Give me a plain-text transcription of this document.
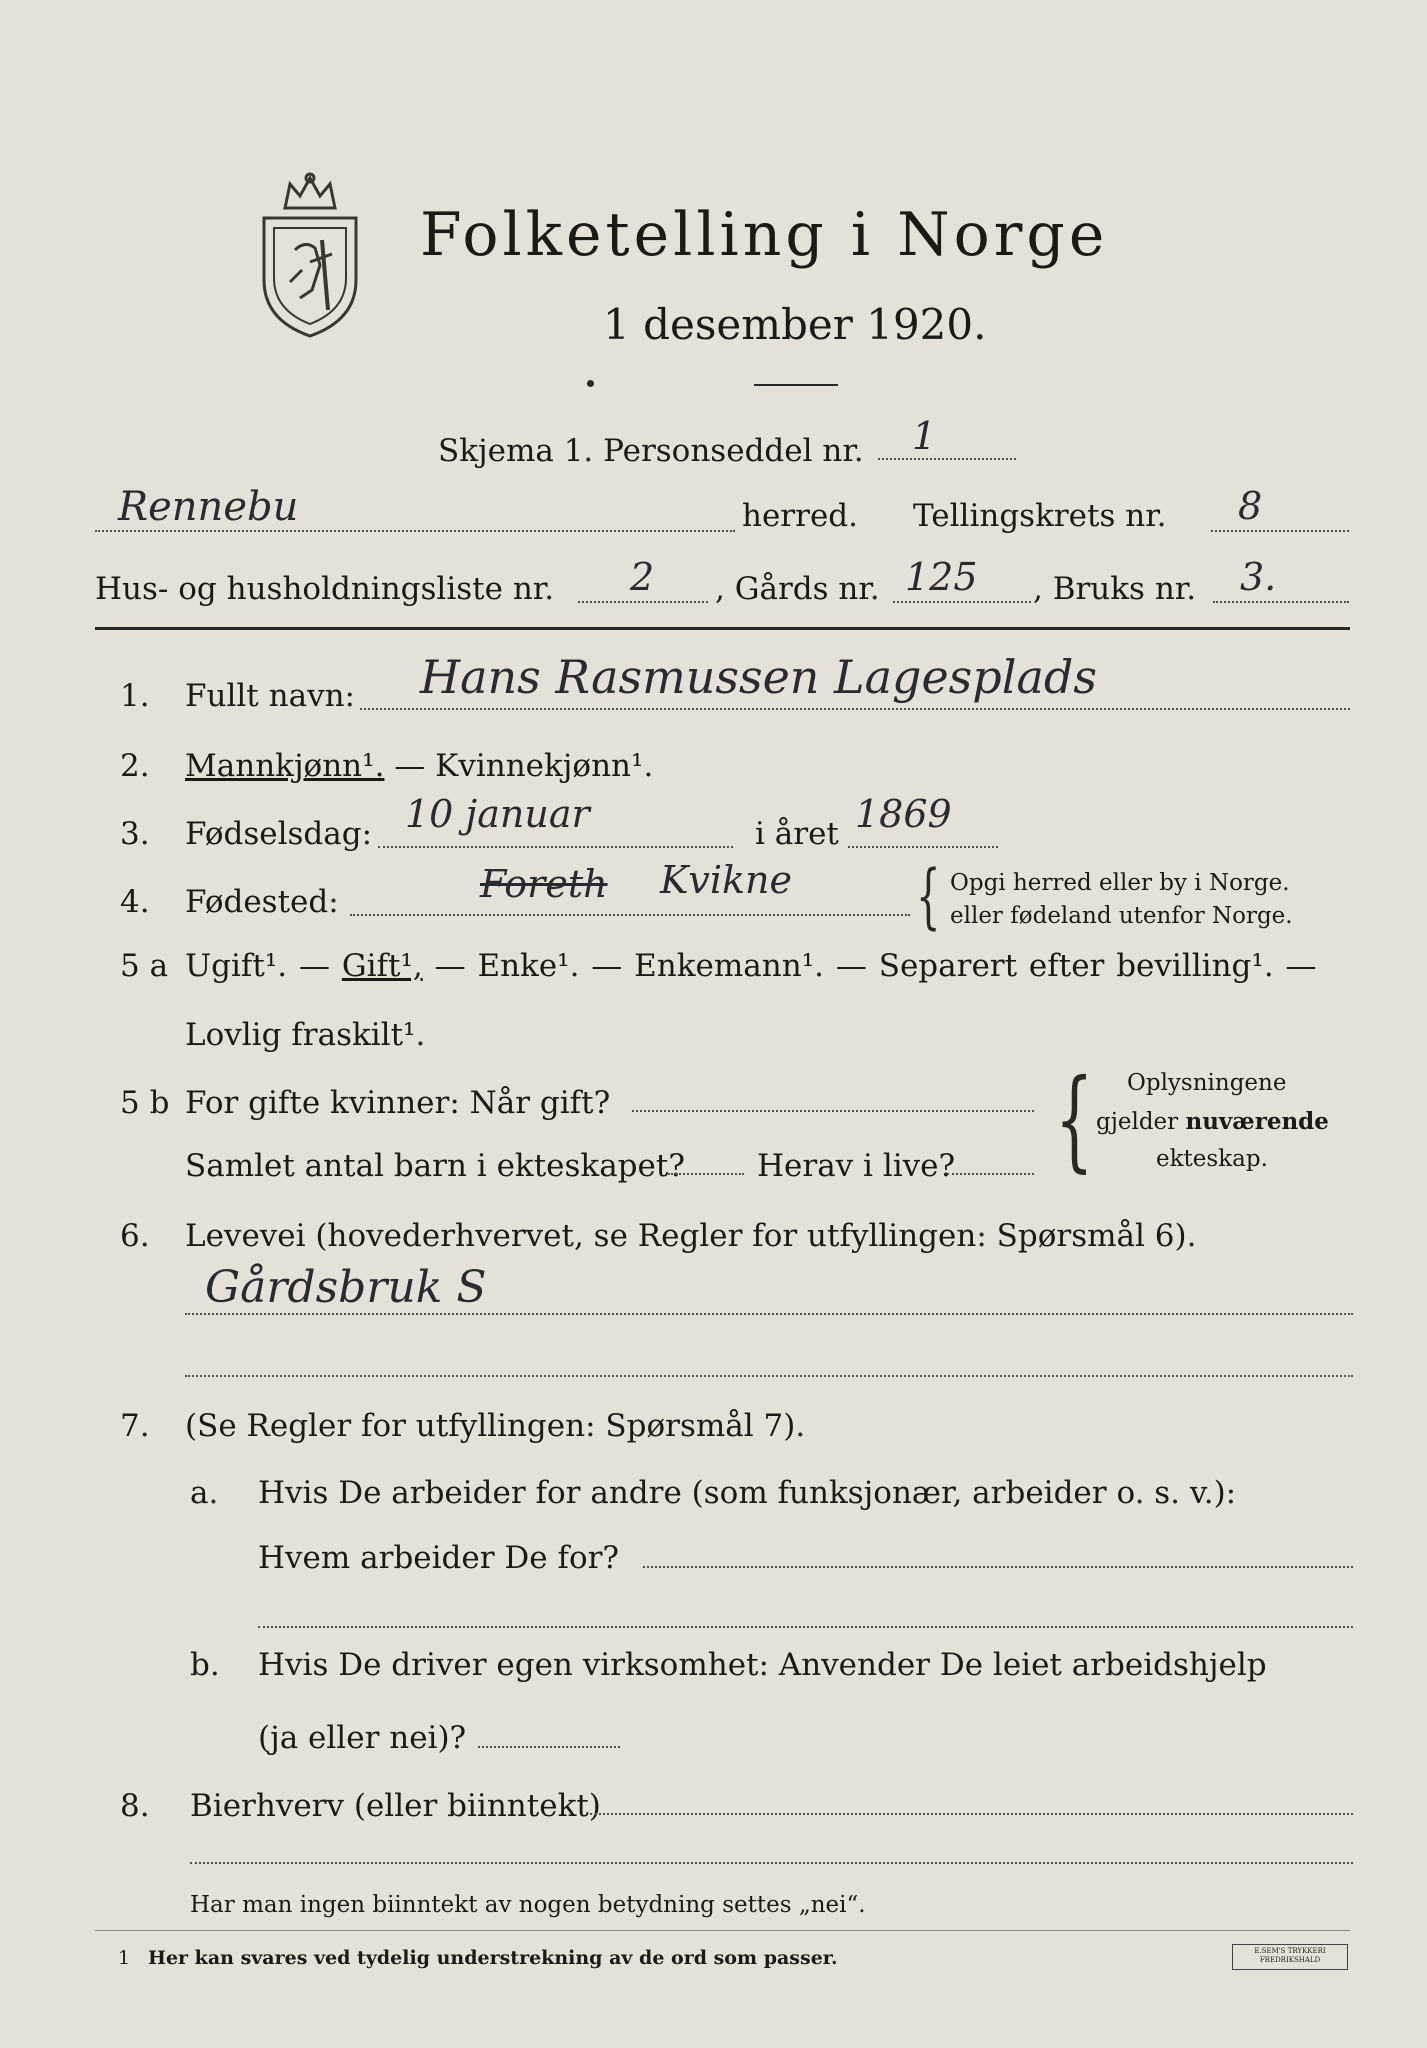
Folketelling i Norge
1 desember 1920.
Skjema 1. Personseddel nr. 1
Rennebu	herred. Tellingskrets nr. 8
Hus- og husholdningsliste nr. 2 , Gårds nr. 125 , Bruks nr. 3.
1. Fullt navn: Hans Rasmussen Lagesplads
2. Mannkjønn¹. — Kvinnekjønn¹.
3. Fødselsdag: 10 januar	i året 1869
4. Fødested:	Foreth Kvikne { Opgi herred eller by i Norge.
eller fødeland utenfor Norge.
5 a Ugift¹. — Gift¹, — Enke¹. — Enkemann¹. — Separert efter bevilling¹. —
Lovlig fraskilt¹.
5 b For gifte kvinner: Når gift?
Samlet antal barn i ekteskapet? Herav i live? { Oplysningene
gjelder nuværende
ekteskap.
6. Levevei (hovederhvervet, se Regler for utfyllingen: Spørsmål 6).
Gårdsbruk S
7. (Se Regler for utfyllingen: Spørsmål 7).
a. Hvis De arbeider for andre (som funksjonær, arbeider o. s. v.):
Hvem arbeider De for?
b. Hvis De driver egen virksomhet: Anvender De leiet arbeidshjelp
(ja eller nei)?
8. Bierhverv (eller biinntekt)
Har man ingen biinntekt av nogen betydning settes „nei“.
1 Her kan svares ved tydelig understrekning av de ord som passer.	E.SEM'S TRYKKERI
FREDRIKSHALD
